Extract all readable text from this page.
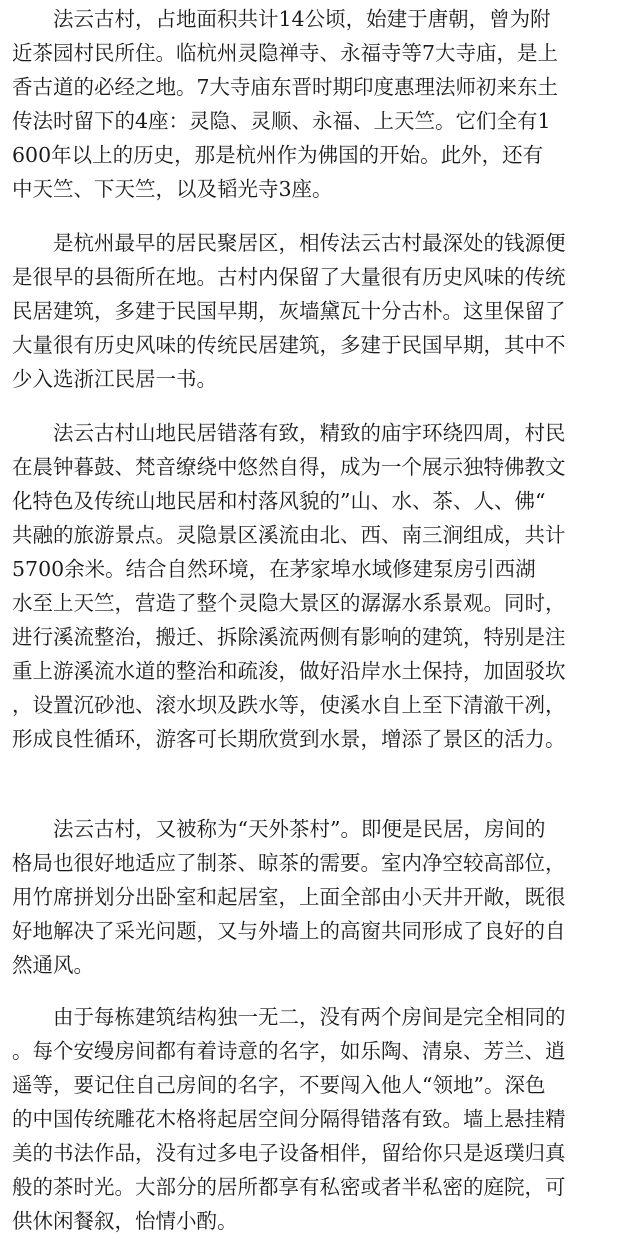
　　法云古村，占地面积共计14公顷，始建于唐朝，曾为附
近茶园村民所住。临杭州灵隐禅寺、永福寺等7大寺庙，是上
香古道的必经之地。7大寺庙东晋时期印度惠理法师初来东土
传法时留下的4座：灵隐、灵顺、永福、上天竺。它们全有1
600年以上的历史，那是杭州作为佛国的开始。此外，还有
中天竺、下天竺，以及韬光寺3座。
　　是杭州最早的居民聚居区，相传法云古村最深处的钱源便
是很早的县衙所在地。古村内保留了大量很有历史风味的传统
民居建筑，多建于民国早期，灰墙黛瓦十分古朴。这里保留了
大量很有历史风味的传统民居建筑，多建于民国早期，其中不
少入选浙江民居一书。
　　法云古村山地民居错落有致，精致的庙宇环绕四周，村民
在晨钟暮鼓、梵音缭绕中悠然自得，成为一个展示独特佛教文
化特色及传统山地民居和村落风貌的”山、水、茶、人、佛“
共融的旅游景点。灵隐景区溪流由北、西、南三涧组成，共计
5700余米。结合自然环境，在茅家埠水域修建泵房引西湖
水至上天竺，营造了整个灵隐大景区的潺潺水系景观。同时，
进行溪流整治，搬迁、拆除溪流两侧有影响的建筑，特别是注
重上游溪流水道的整治和疏浚，做好沿岸水土保持，加固驳坎
，设置沉砂池、滚水坝及跌水等，使溪水自上至下清澈干冽，
形成良性循环，游客可长期欣赏到水景，增添了景区的活力。
　　法云古村，又被称为“天外茶村”。即便是民居，房间的
格局也很好地适应了制茶、晾茶的需要。室内净空较高部位，
用竹席拼划分出卧室和起居室，上面全部由小天井开敞，既很
好地解决了采光问题，又与外墙上的高窗共同形成了良好的自
然通风。
　　由于每栋建筑结构独一无二，没有两个房间是完全相同的
。每个安缦房间都有着诗意的名字，如乐陶、清泉、芳兰、逍
遥等，要记住自己房间的名字，不要闯入他人“领地”。深色
的中国传统雕花木格将起居空间分隔得错落有致。墙上悬挂精
美的书法作品，没有过多电子设备相伴，留给你只是返璞归真
般的茶时光。大部分的居所都享有私密或者半私密的庭院，可
供休闲餐叙，怡情小酌。
